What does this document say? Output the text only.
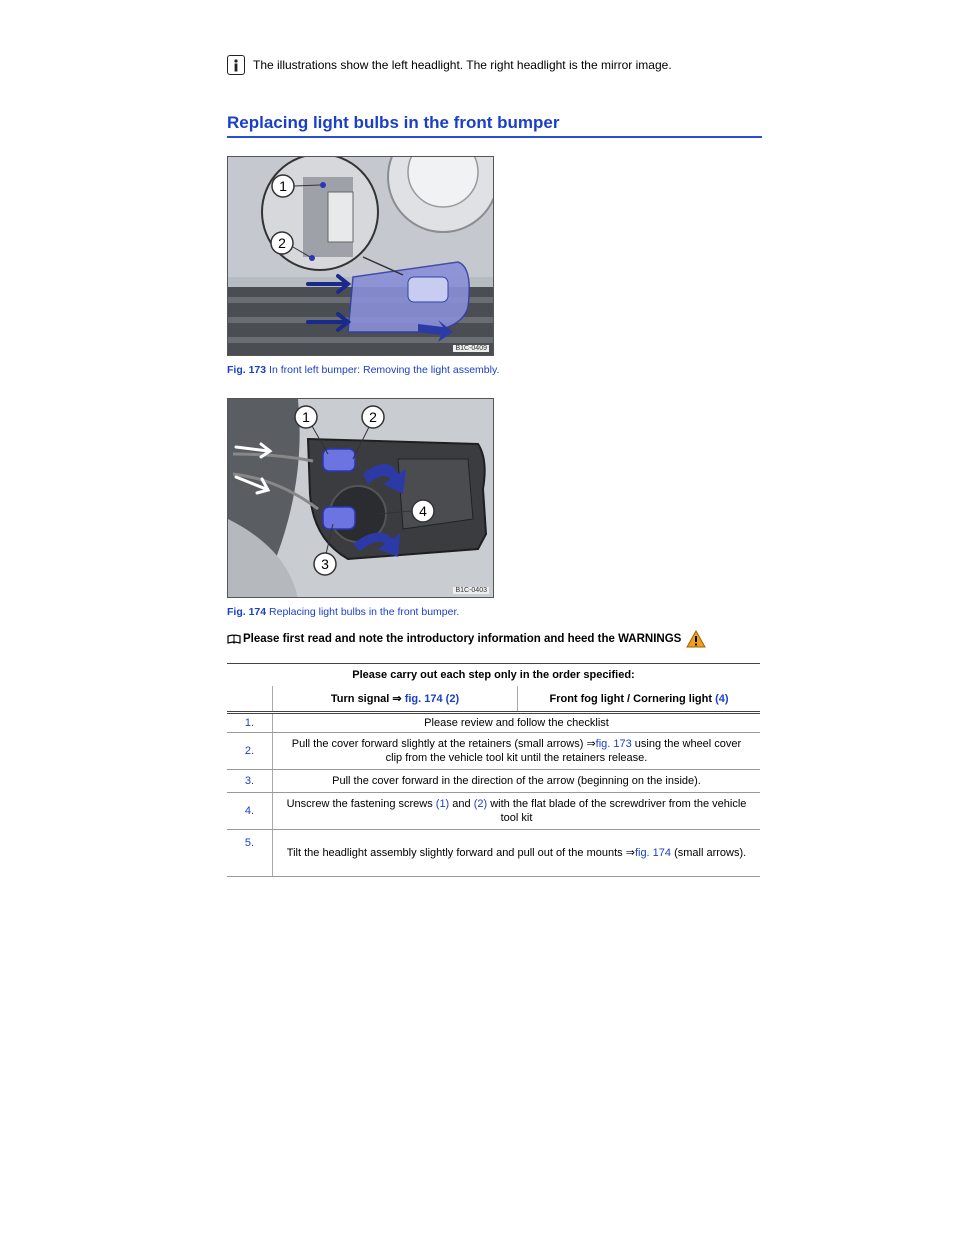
The illustrations show the left headlight. The right headlight is the mirror image.
Replacing light bulbs in the front bumper
1
2
B1C-0409
Fig. 173 In front left bumper: Removing the light assembly.
1	2
3
4
B1C-0403
Fig. 174 Replacing light bulbs in the front bumper.
Please first read and note the introductory information and heed the WARNINGS
Please carry out each step only in the order specified:		
	Turn signal ⇒ fig. 174 (2)	Front fog light / Cornering light (4)
1.	Please review and follow the checklist	
2.	Pull the cover forward slightly at the retainers (small arrows) ⇒fig. 173 using the wheel cover clip from the vehicle tool kit until the retainers release.	
3.	Pull the cover forward in the direction of the arrow (beginning on the inside).	
4.	Unscrew the fastening screws (1) and (2) with the flat blade of the screwdriver from the vehicle tool kit	
5.	Tilt the headlight assembly slightly forward and pull out of the mounts ⇒fig. 174 (small arrows).	
